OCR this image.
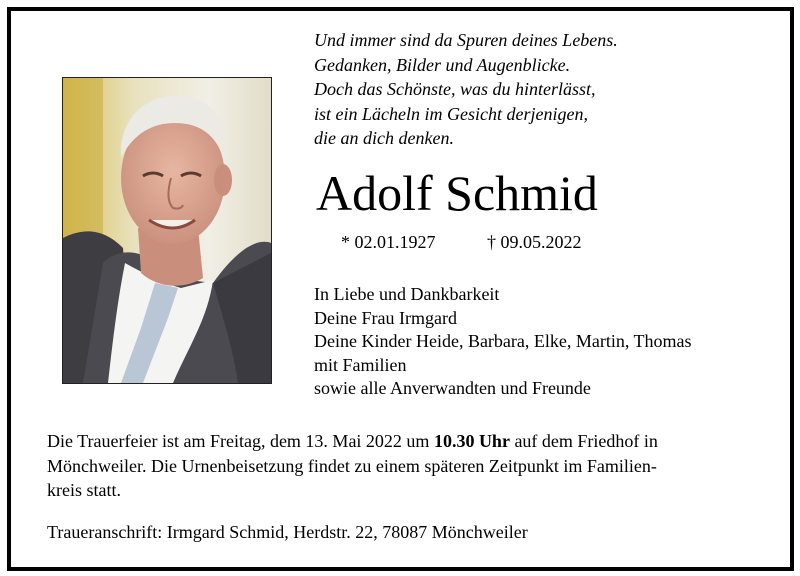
Und immer sind da Spuren deines Lebens.
Gedanken, Bilder und Augenblicke.
Doch das Schönste, was du hinterlässt,
ist ein Lächeln im Gesicht derjenigen,
die an dich denken.
Adolf Schmid
* 02.01.1927	† 09.05.2022
In Liebe und Dankbarkeit
Deine Frau Irmgard
Deine Kinder Heide, Barbara, Elke, Martin, Thomas
mit Familien
sowie alle Anverwandten und Freunde
Die Trauerfeier ist am Freitag, dem 13. Mai 2022 um 10.30 Uhr auf dem Friedhof in
Mönchweiler. Die Urnenbeisetzung findet zu einem späteren Zeitpunkt im Familien-
kreis statt.
Traueranschrift: Irmgard Schmid, Herdstr. 22, 78087 Mönchweiler
